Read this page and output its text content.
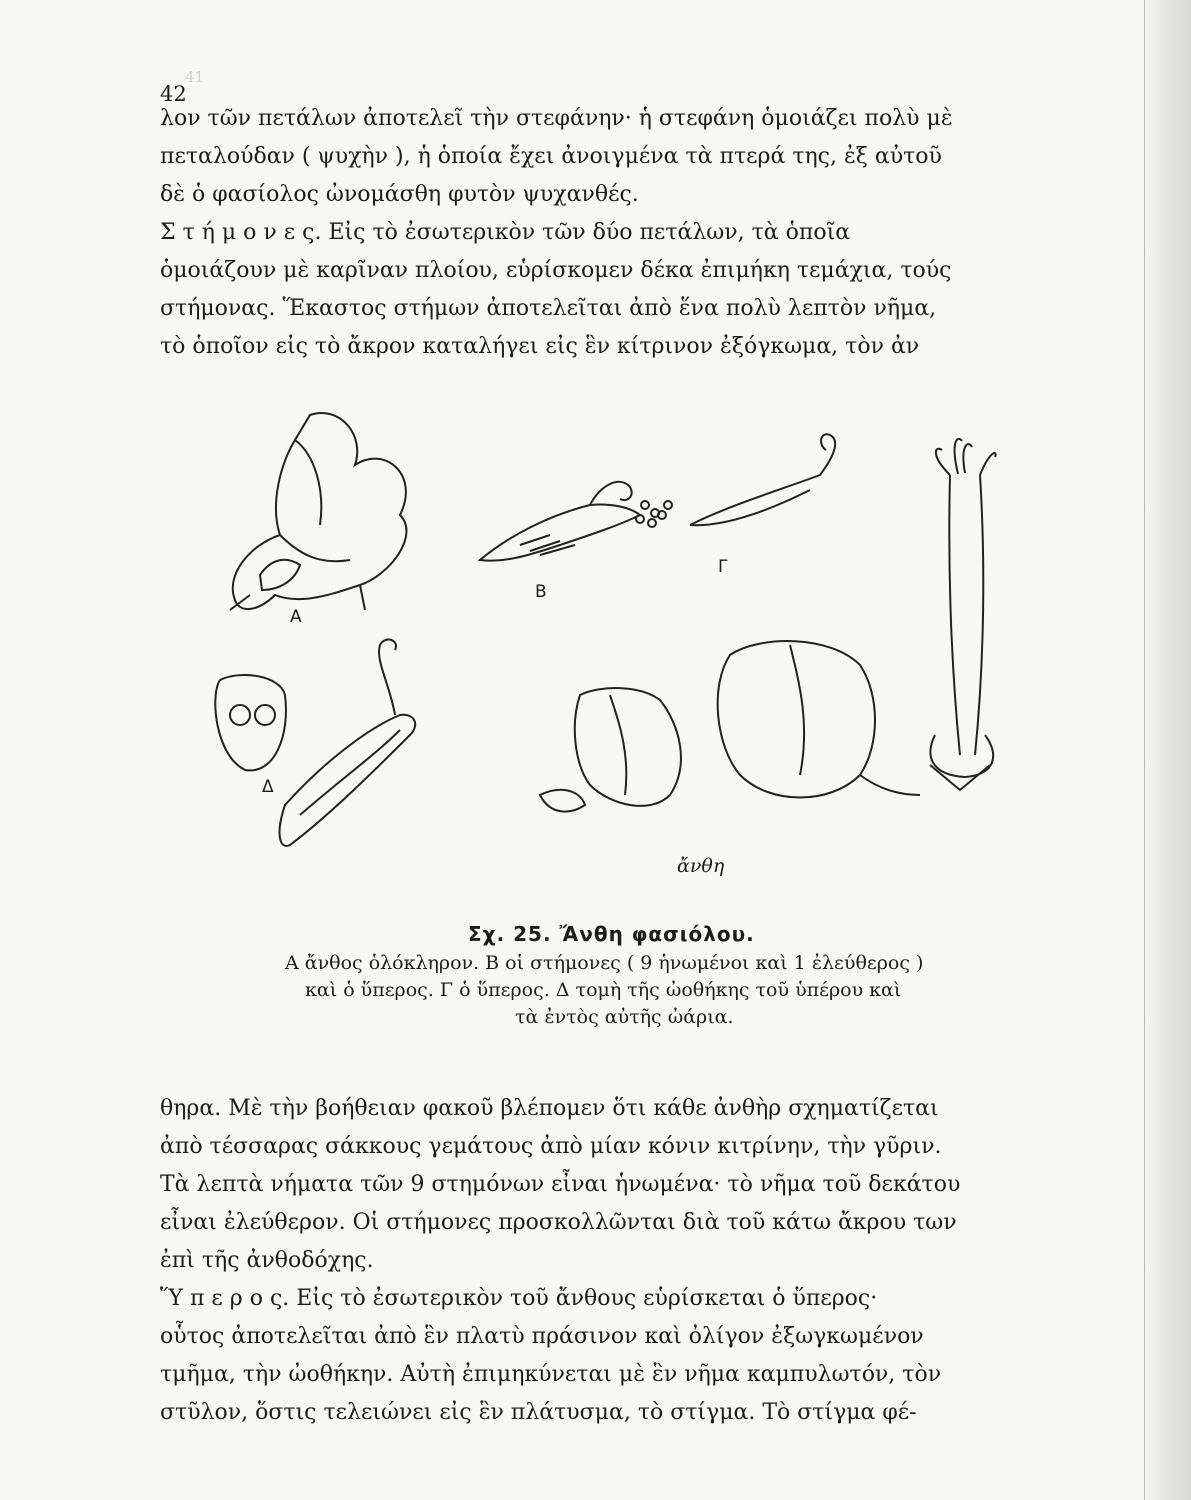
41
42

λον τῶν πετάλων ἀποτελεῖ τὴν στεφάνην· ἡ στεφάνη ὁμοιάζει πολὺ μὲ
πεταλούδαν ( ψυχὴν ), ἡ ὁποία ἔχει ἀνοιγμένα τὰ πτερά της, ἐξ αὐτοῦ
δὲ ὁ φασίολος ὠνομάσθη φυτὸν ψυχανθές.
Σ τ ή μ ο ν ε ς. Εἰς τὸ ἐσωτερικὸν τῶν δύο πετάλων, τὰ ὁποῖα
ὁμοιάζουν μὲ καρῖναν πλοίου, εὑρίσκομεν δέκα ἐπιμήκη τεμάχια, τούς
στήμονας. Ἕκαστος στήμων ἀποτελεῖται ἀπὸ ἕνα πολὺ λεπτὸν νῆμα,
τὸ ὁποῖον εἰς τὸ ἄκρον καταλήγει εἰς ἓν κίτρινον ἐξόγκωμα, τὸν ἀν

Α
Β
Γ
Δ
ἄνθη
Σχ. 25. Ἄνθη φασιόλου.
Α ἄνθος ὁλόκληρον. Β οἱ στήμονες ( 9 ἡνωμένοι καὶ 1 ἐλεύθερος )
καὶ ὁ ὕπερος. Γ ὁ ὕπερος. Δ τομὴ τῆς ὠοθήκης τοῦ ὑπέρου καὶ
τὰ ἐντὸς αὐτῆς ὠάρια.

θηρα. Μὲ τὴν βοήθειαν φακοῦ βλέπομεν ὅτι κάθε ἀνθὴρ σχηματίζεται
ἀπὸ τέσσαρας σάκκους γεμάτους ἀπὸ μίαν κόνιν κιτρίνην, τὴν γῦριν.
Τὰ λεπτὰ νήματα τῶν 9 στημόνων εἶναι ἡνωμένα· τὸ νῆμα τοῦ δεκάτου
εἶναι ἐλεύθερον. Οἱ στήμονες προσκολλῶνται διὰ τοῦ κάτω ἄκρου των
ἐπὶ τῆς ἀνθοδόχης.
Ὕ π ε ρ ο ς. Εἰς τὸ ἐσωτερικὸν τοῦ ἄνθους εὑρίσκεται ὁ ὕπερος·
οὗτος ἀποτελεῖται ἀπὸ ἓν πλατὺ πράσινον καὶ ὀλίγον ἐξωγκωμένον
τμῆμα, τὴν ὠοθήκην. Αὐτὴ ἐπιμηκύνεται μὲ ἓν νῆμα καμπυλωτόν, τὸν
στῦλον, ὅστις τελειώνει εἰς ἓν πλάτυσμα, τὸ στίγμα. Τὸ στίγμα φέ-
